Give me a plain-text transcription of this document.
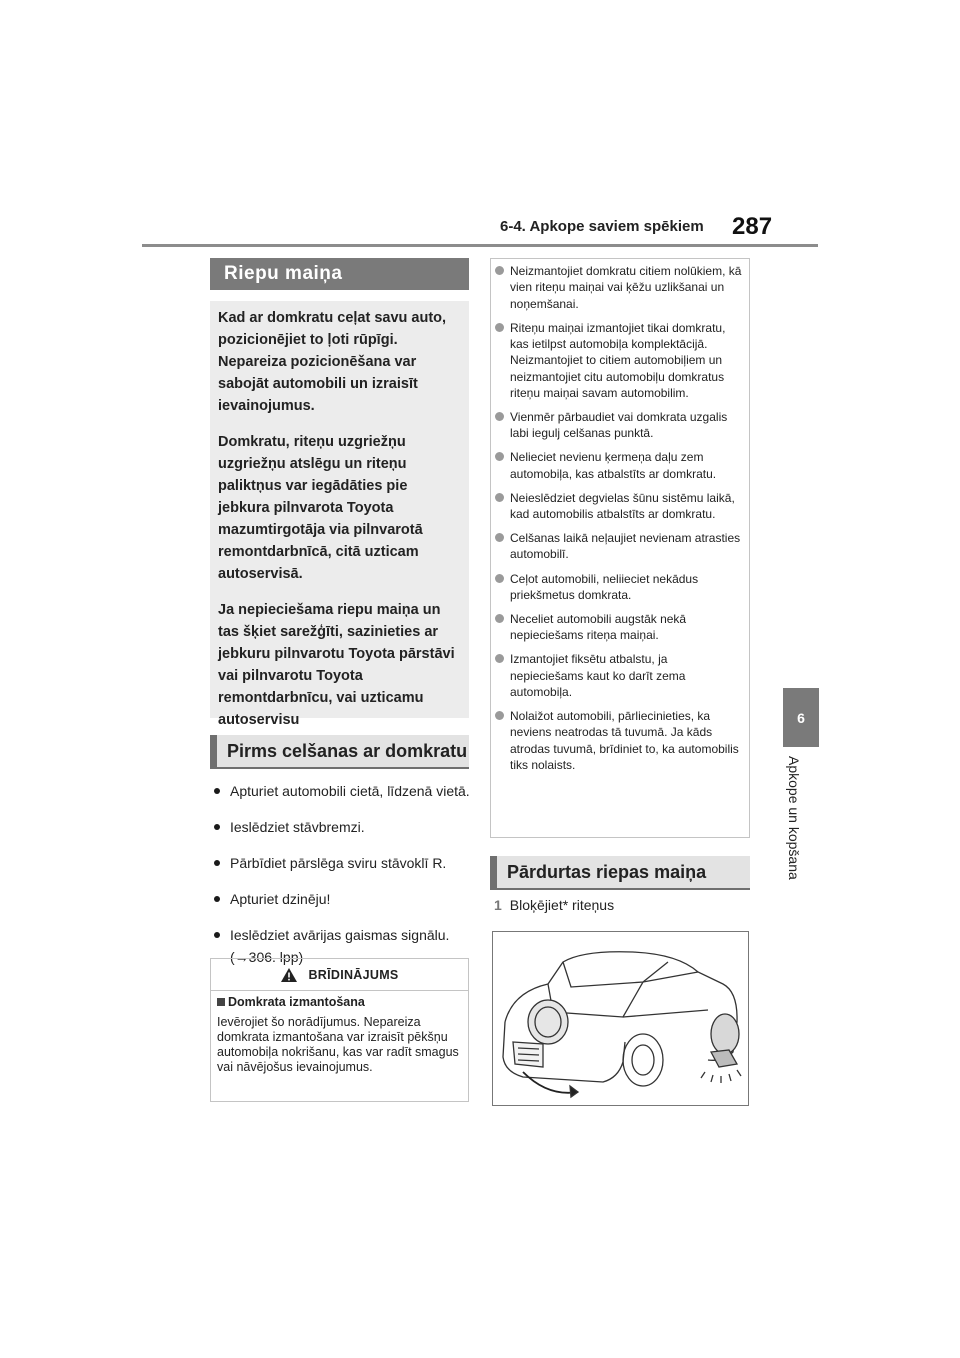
6-4. Apkope saviem spēkiem 287
6
Apkope un kopšana
Riepu maiņa

Kad ar domkratu ceļat savu auto, pozicionējiet to ļoti rūpīgi. Nepareiza pozicionēšana var sabojāt automobili un izraisīt ievainojumus.

Domkratu, riteņu uzgriežņu uzgriežņu atslēgu un riteņu paliktņus var iegādāties pie jebkura pilnvarota Toyota mazumtirgotāja via pilnvarotā remontdarbnīcā, citā uzticam autoservisā.

Ja nepieciešama riepu maiņa un tas šķiet sarežģīti, sazinieties ar jebkuru pilnvarotu Toyota pārstāvi vai pilnvarotu Toyota remontdarbnīcu, vai uzticamu autoservisu

Pirms celšanas ar domkratu
Apturiet automobili cietā, līdzenā vietā.
Ieslēdziet stāvbremzi.
Pārbīdiet pārslēga sviru stāvoklī R.
Apturiet dzinēju!
Ieslēdziet avārijas gaismas signālu.
(→306. lpp)
BRĪDINĀJUMS
Domkrata izmantošana
Ievērojiet šo norādījumus. Nepareiza domkrata izmantošana var izraisīt pēkšņu automobiļa nokrišanu, kas var radīt smagus vai nāvējošus ievainojumus.
Neizmantojiet domkratu citiem nolūkiem, kā vien riteņu maiņai vai ķēžu uzlikšanai un noņemšanai.
Riteņu maiņai izmantojiet tikai domkratu, kas ietilpst automobiļa komplektācijā. Neizmantojiet to citiem automobiļiem un neizmantojiet citu automobiļu domkratus riteņu maiņai savam automobilim.
Vienmēr pārbaudiet vai domkrata uzgalis labi iegulj celšanas punktā.
Nelieciet nevienu ķermeņa daļu zem automobiļa, kas atbalstīts ar domkratu.
Neieslēdziet degvielas šūnu sistēmu laikā, kad automobilis atbalstīts ar domkratu.
Celšanas laikā neļaujiet nevienam atrasties automobilī.
Ceļot automobili, neliieciet nekādus priekšmetus domkrata.
Neceliet automobili augstāk nekā nepieciešams riteņa maiņai.
Izmantojiet fiksētu atbalstu, ja nepieciešams kaut ko darīt zema automobiļa.
Nolaižot automobili, pārliecinieties, ka neviens neatrodas tā tuvumā. Ja kāds atrodas tuvumā, brīdiniet to, ka automobilis tiks nolaists.
Pārdurtas riepas maiņa
1 Bloķējiet* riteņus
